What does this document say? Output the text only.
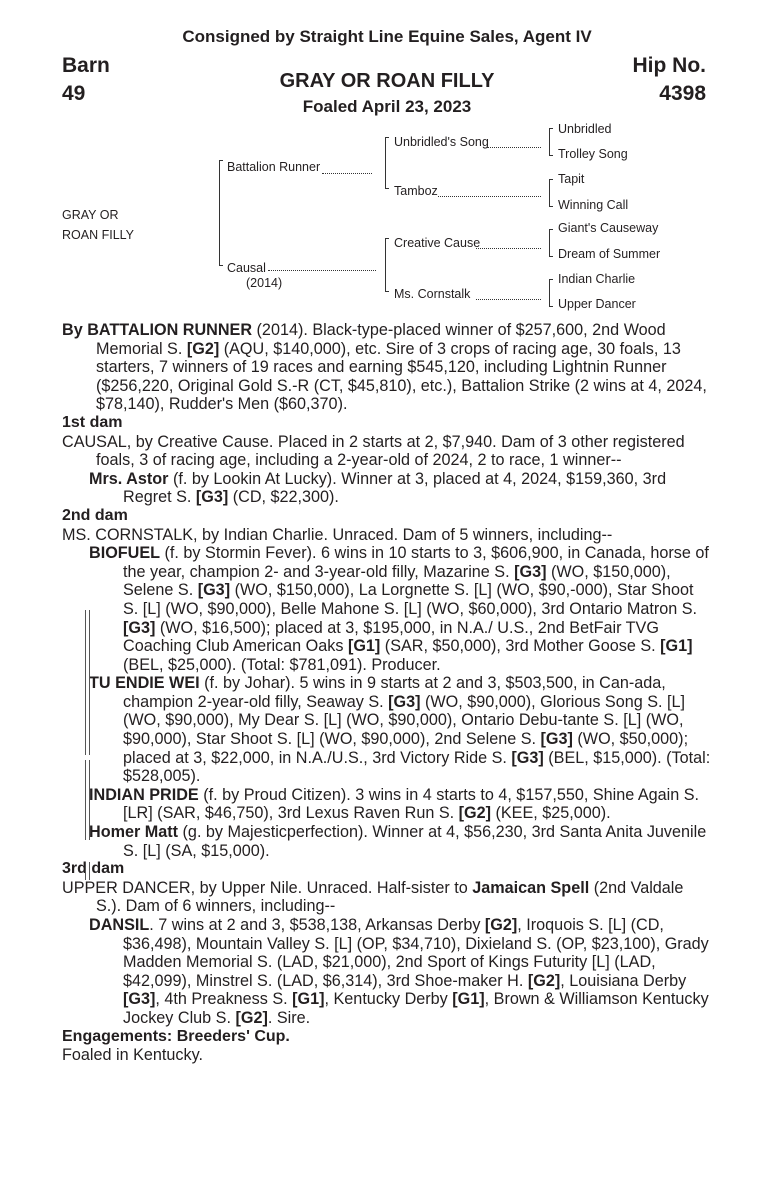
Consigned by Straight Line Equine Sales, Agent IV
Barn
49
Hip No.
4398
GRAY OR ROAN FILLY
Foaled April 23, 2023
GRAY OR
ROAN FILLY
Battalion Runner
Causal
(2014)
Unbridled's Song
Tamboz
Creative Cause
Ms. Cornstalk
Unbridled
Trolley Song
Tapit
Winning Call
Giant's Causeway
Dream of Summer
Indian Charlie
Upper Dancer

By BATTALION RUNNER (2014). Black-type-placed winner of $257,600, 2nd Wood Memorial S. [G2] (AQU, $140,000), etc. Sire of 3 crops of racing age, 30 foals, 13 starters, 7 winners of 19 races and earning $545,120, including Lightnin Runner ($256,220, Original Gold S.-R (CT, $45,810), etc.), Battalion Strike (2 wins at 4, 2024, $78,140), Rudder's Men ($60,370).

1st dam

CAUSAL, by Creative Cause. Placed in 2 starts at 2, $7,940. Dam of 3 other registered foals, 3 of racing age, including a 2-year-old of 2024, 2 to race, 1 winner--

Mrs. Astor (f. by Lookin At Lucky). Winner at 3, placed at 4, 2024, $159,360, 3rd Regret S. [G3] (CD, $22,300).

2nd dam

MS. CORNSTALK, by Indian Charlie. Unraced. Dam of 5 winners, including--

BIOFUEL (f. by Stormin Fever). 6 wins in 10 starts to 3, $606,900, in Canada, horse of the year, champion 2- and 3-year-old filly, Mazarine S. [G3] (WO, $150,000), Selene S. [G3] (WO, $150,000), La Lorgnette S. [L] (WO, $90,-000), Star Shoot S. [L] (WO, $90,000), Belle Mahone S. [L] (WO, $60,000), 3rd Ontario Matron S. [G3] (WO, $16,500); placed at 3, $195,000, in N.A./ U.S., 2nd BetFair TVG Coaching Club American Oaks [G1] (SAR, $50,000), 3rd Mother Goose S. [G1] (BEL, $25,000). (Total: $781,091). Producer.

TU ENDIE WEI (f. by Johar). 5 wins in 9 starts at 2 and 3, $503,500, in Can-ada, champion 2-year-old filly, Seaway S. [G3] (WO, $90,000), Glorious Song S. [L] (WO, $90,000), My Dear S. [L] (WO, $90,000), Ontario Debu-tante S. [L] (WO, $90,000), Star Shoot S. [L] (WO, $90,000), 2nd Selene S. [G3] (WO, $50,000); placed at 3, $22,000, in N.A./U.S., 3rd Victory Ride S. [G3] (BEL, $15,000). (Total: $528,005).

INDIAN PRIDE (f. by Proud Citizen). 3 wins in 4 starts to 4, $157,550, Shine Again S. [LR] (SAR, $46,750), 3rd Lexus Raven Run S. [G2] (KEE, $25,000).

Homer Matt (g. by Majesticperfection). Winner at 4, $56,230, 3rd Santa Anita Juvenile S. [L] (SA, $15,000).

3rd dam

UPPER DANCER, by Upper Nile. Unraced. Half-sister to Jamaican Spell (2nd Valdale S.). Dam of 6 winners, including--

DANSIL. 7 wins at 2 and 3, $538,138, Arkansas Derby [G2], Iroquois S. [L] (CD, $36,498), Mountain Valley S. [L] (OP, $34,710), Dixieland S. (OP, $23,100), Grady Madden Memorial S. (LAD, $21,000), 2nd Sport of Kings Futurity [L] (LAD, $42,099), Minstrel S. (LAD, $6,314), 3rd Shoe-maker H. [G2], Louisiana Derby [G3], 4th Preakness S. [G1], Kentucky Derby [G1], Brown & Williamson Kentucky Jockey Club S. [G2]. Sire.

Engagements: Breeders' Cup.

Foaled in Kentucky.
